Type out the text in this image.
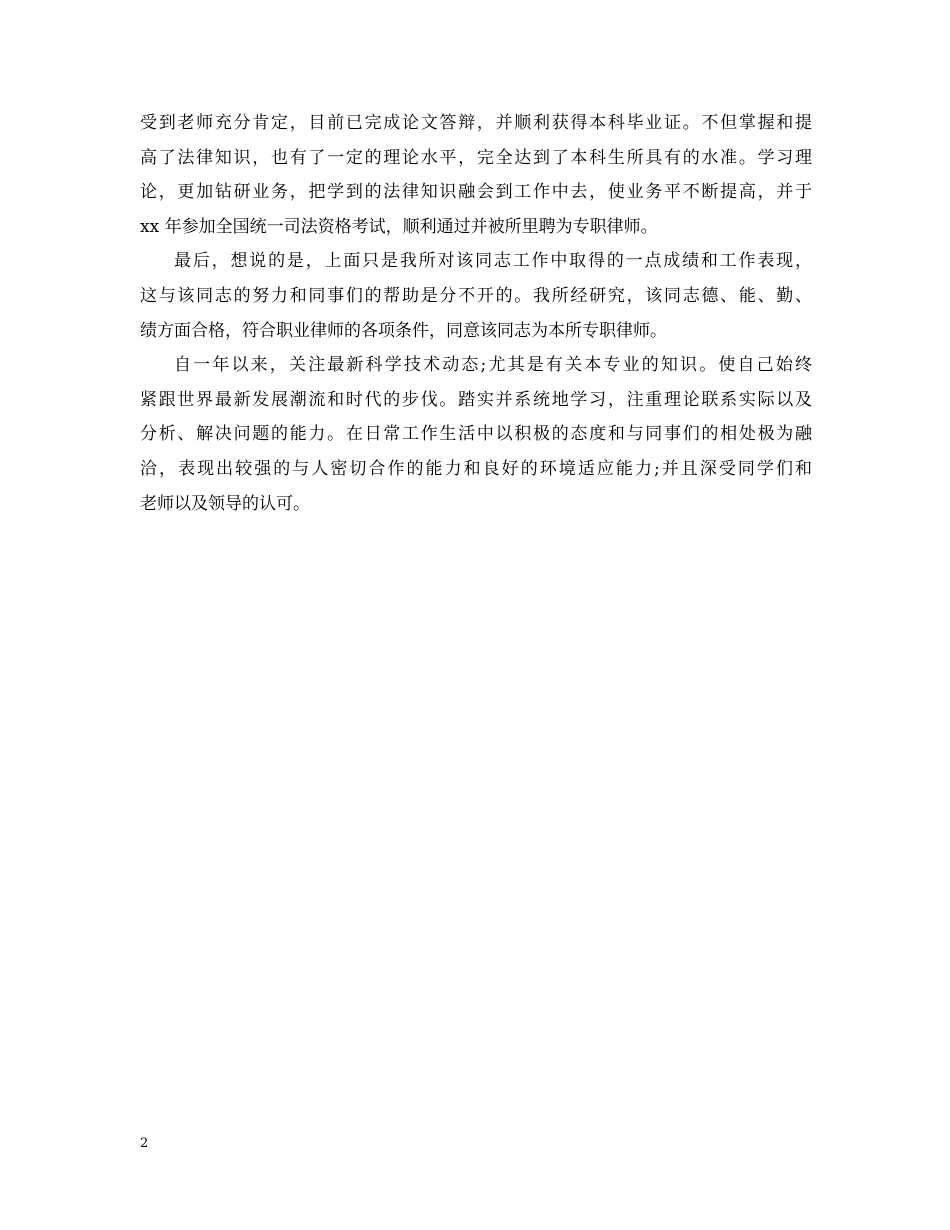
受到老师充分肯定，目前已完成论文答辩，并顺利获得本科毕业证。不但掌握和提
高了法律知识，也有了一定的理论水平，完全达到了本科生所具有的水准。学习理
论，更加钻研业务，把学到的法律知识融会到工作中去，使业务平不断提高，并于
xx 年参加全国统一司法资格考试，顺利通过并被所里聘为专职律师。
最后，想说的是，上面只是我所对该同志工作中取得的一点成绩和工作表现，
这与该同志的努力和同事们的帮助是分不开的。我所经研究，该同志德、能、勤、
绩方面合格，符合职业律师的各项条件，同意该同志为本所专职律师。
自一年以来，关注最新科学技术动态;尤其是有关本专业的知识。使自己始终
紧跟世界最新发展潮流和时代的步伐。踏实并系统地学习，注重理论联系实际以及
分析、解决问题的能力。在日常工作生活中以积极的态度和与同事们的相处极为融
洽，表现出较强的与人密切合作的能力和良好的环境适应能力;并且深受同学们和
老师以及领导的认可。
2
